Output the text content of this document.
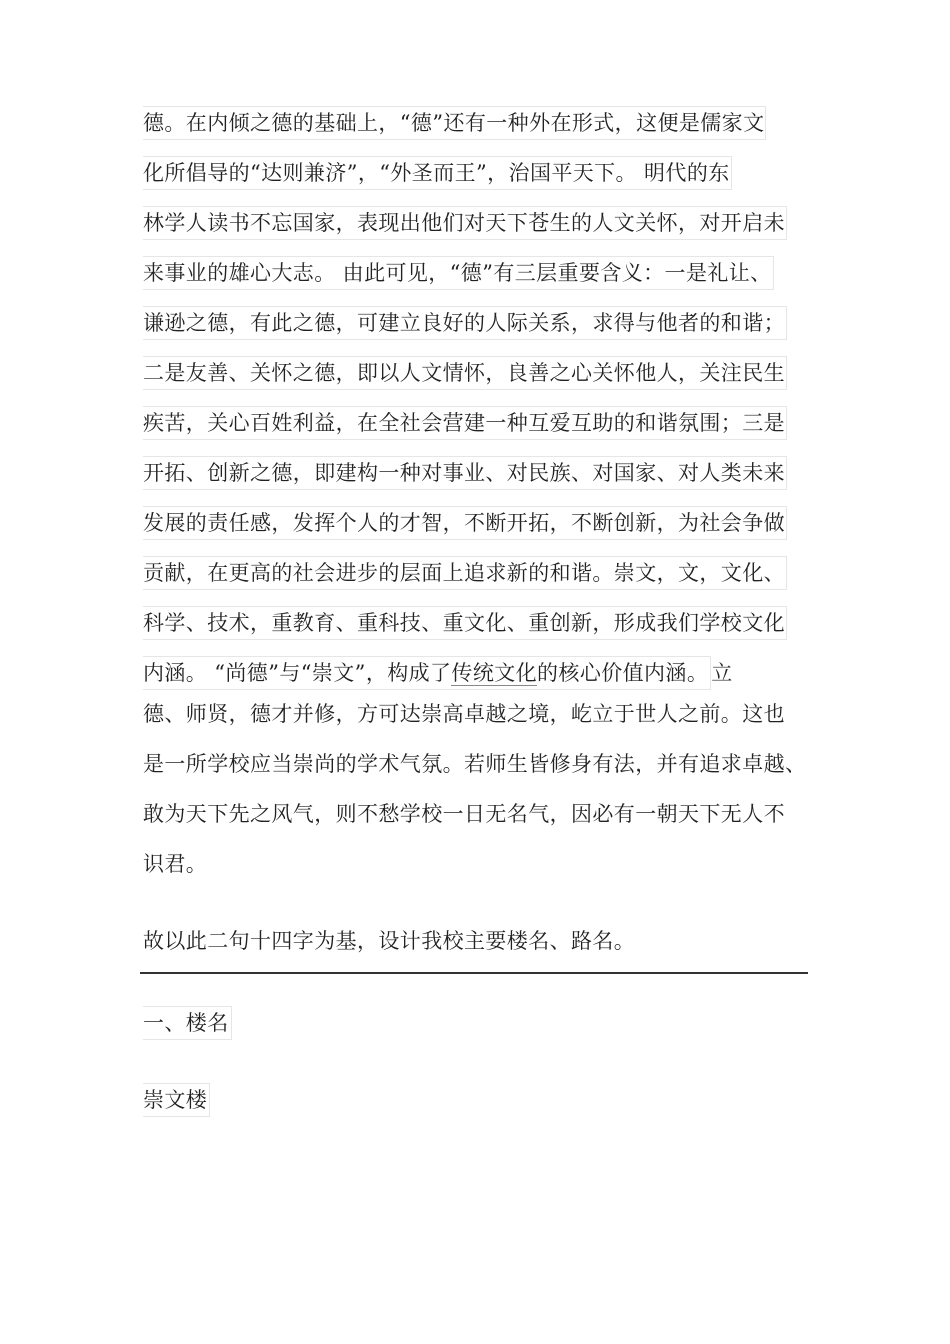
德。在内倾之德的基础上，“德”还有一种外在形式，这便是儒家文
化所倡导的“达则兼济”，“外圣而王”，治国平天下。 明代的东
林学人读书不忘国家，表现出他们对天下苍生的人文关怀，对开启未
来事业的雄心大志。 由此可见，“德”有三层重要含义：一是礼让、
谦逊之德，有此之德，可建立良好的人际关系，求得与他者的和谐；
二是友善、关怀之德，即以人文情怀，良善之心关怀他人，关注民生
疾苦，关心百姓利益，在全社会营建一种互爱互助的和谐氛围；三是
开拓、创新之德，即建构一种对事业、对民族、对国家、对人类未来
发展的责任感，发挥个人的才智，不断开拓，不断创新，为社会争做
贡献，在更高的社会进步的层面上追求新的和谐。崇文，文，文化、
科学、技术，重教育、重科技、重文化、重创新，形成我们学校文化
内涵。 “尚德”与“崇文”，构成了传统文化的核心价值内涵。 立
德、师贤，德才并修，方可达崇高卓越之境，屹立于世人之前。这也
是一所学校应当崇尚的学术气氛。若师生皆修身有法，并有追求卓越、
敢为天下先之风气，则不愁学校一日无名气，因必有一朝天下无人不
识君。
故以此二句十四字为基，设计我校主要楼名、路名。
一、楼名
崇文楼
